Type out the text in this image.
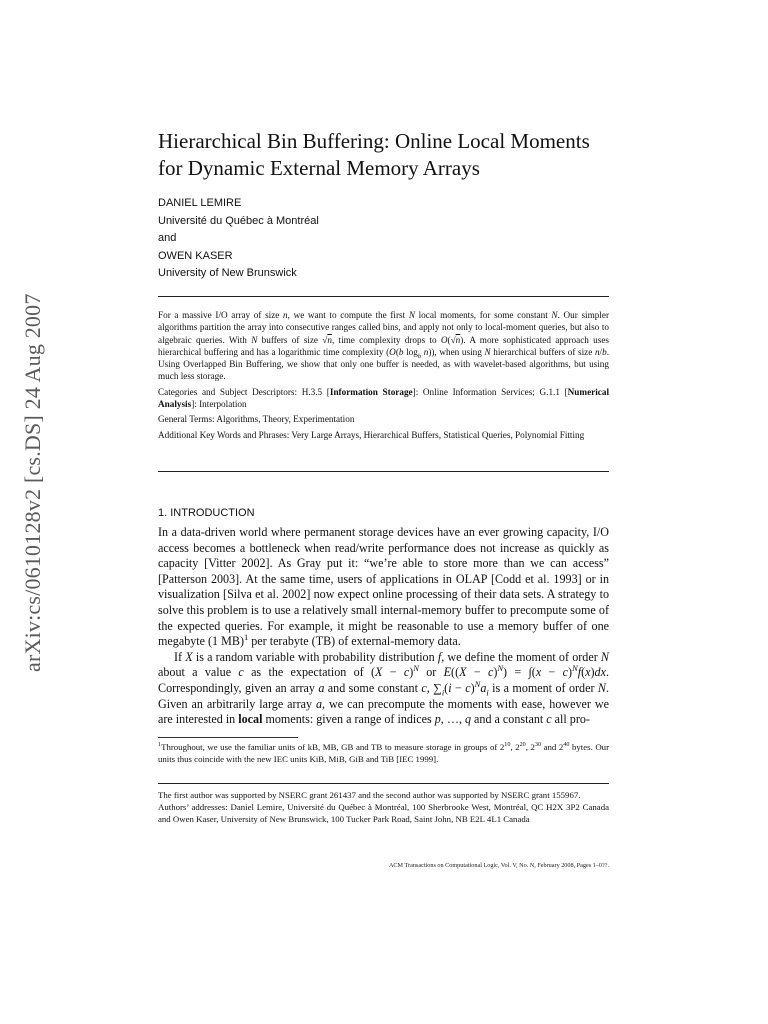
arXiv:cs/0610128v2 [cs.DS] 24 Aug 2007
Hierarchical Bin Buffering: Online Local Moments
for Dynamic External Memory Arrays
DANIEL LEMIRE
Université du Québec à Montréal
and
OWEN KASER
University of New Brunswick

For a massive I/O array of size n, we want to compute the first N local moments, for some constant N. Our simpler algorithms partition the array into consecutive ranges called bins, and apply not only to local-moment queries, but also to algebraic queries. With N buffers of size √n, time complexity drops to O(√n). A more sophisticated approach uses hierarchical buffering and has a logarithmic time complexity (O(b $\log_b n$)), when using N hierarchical buffers of size n/b. Using Overlapped Bin Buffering, we show that only one buffer is needed, as with wavelet-based algorithms, but using much less storage.

Categories and Subject Descriptors: H.3.5 [Information Storage]: Online Information Services; G.1.1 [Numerical Analysis]: Interpolation

General Terms: Algorithms, Theory, Experimentation

Additional Key Words and Phrases: Very Large Arrays, Hierarchical Buffers, Statistical Queries, Polynomial Fitting

1. INTRODUCTION

In a data-driven world where permanent storage devices have an ever growing capacity, I/O access becomes a bottleneck when read/write performance does not increase as quickly as capacity [Vitter 2002]. As Gray put it: “we’re able to store more than we can access” [Patterson 2003]. At the same time, users of applications in OLAP [Codd et al. 1993] or in visualization [Silva et al. 2002] now expect online processing of their data sets. A strategy to solve this problem is to use a relatively small internal-memory buffer to precompute some of the expected queries. For example, it might be reasonable to use a memory buffer of one megabyte (1 MB)$^1$ per terabyte (TB) of external-memory data.

If X is a random variable with probability distribution f, we define the moment of order N about a value c as the expectation of $(X - c)^N$ or $E((X - c)^N) = \int(x - c)^Nf(x)dx$. Correspondingly, given an array a and some constant c, $\sum_i(i - c)^Na_i$ is a moment of order N. Given an arbitrarily large array a, we can precompute the moments with ease, however we are interested in local moments: given a range of indices p, …, q and a constant c all pro-

$^1$Throughout, we use the familiar units of kB, MB, GB and TB to measure storage in groups of $2^{10}$, $2^{20}$, $2^{30}$ and $2^{40}$ bytes. Our units thus coincide with the new IEC units KiB, MiB, GiB and TiB [IEC 1999].

The first author was supported by NSERC grant 261437 and the second author was supported by NSERC grant 155967.

Authors’ addresses: Daniel Lemire, Université du Québec à Montréal, 100 Sherbrooke West, Montréal, QC H2X 3P2 Canada and Owen Kaser, University of New Brunswick, 100 Tucker Park Road, Saint John, NB E2L 4L1 Canada

ACM Transactions on Computational Logic, Vol. V, No. N, February 2008, Pages 1–0??.
